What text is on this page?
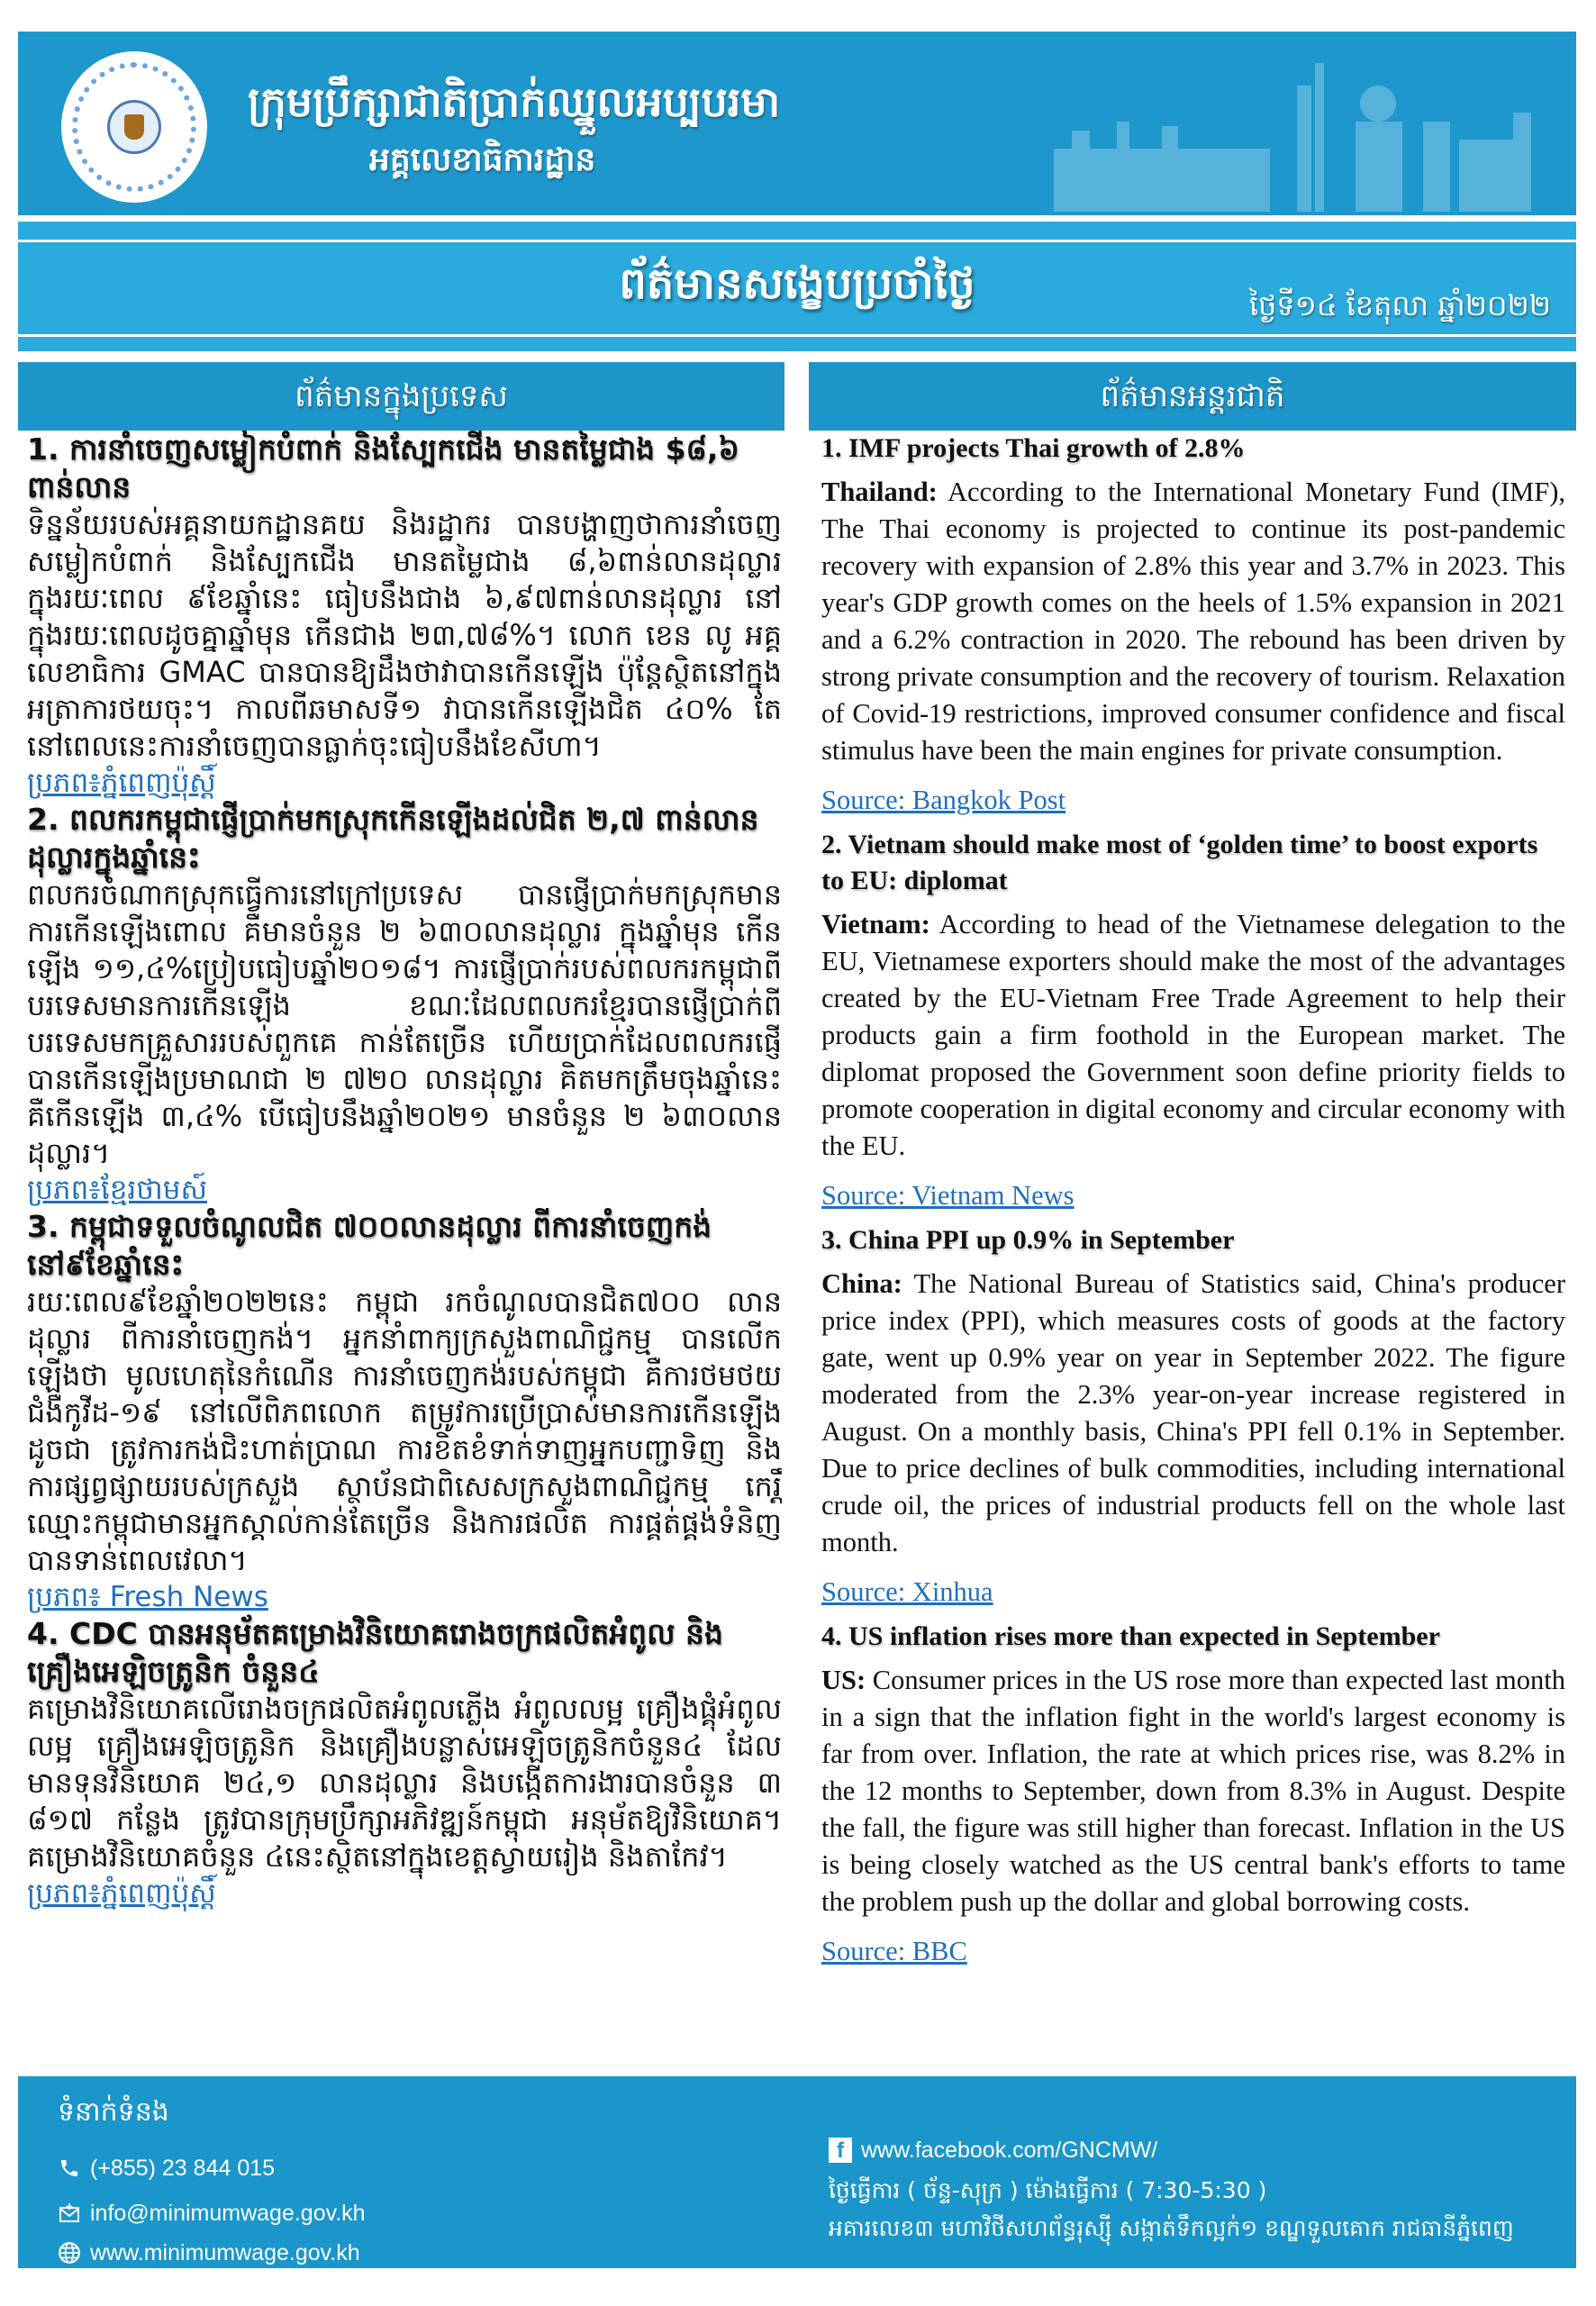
ក្រុមប្រឹក្សាជាតិប្រាក់ឈ្នួលអប្បបរមា
អគ្គលេខាធិការដ្ឋាន
ព័ត៌មានសង្ខេបប្រចាំថ្ងៃ	ថ្ងៃទី១៤ ខែតុលា ឆ្នាំ២០២២
ព័ត៌មានក្នុងប្រទេស	ព័ត៌មានអន្តរជាតិ

1. ការនាំចេញសម្លៀកបំពាក់ និងស្បែកជើង មានតម្លៃជាង $៨,៦ ពាន់លាន

ទិន្នន័យរបស់អគ្គនាយកដ្ឋានគយ និងរដ្ឋាករ បានបង្ហាញថាការនាំចេញសម្លៀកបំពាក់ និងស្បែកជើង មានតម្លៃជាង ៨,៦ពាន់លានដុល្លារ ក្នុងរយៈពេល ៩ខែឆ្នាំនេះ ធៀបនឹងជាង ៦,៩៧ពាន់លានដុល្លារ នៅក្នុងរយៈពេលដូចគ្នាឆ្នាំមុន កើនជាង ២៣,៧៨%។ លោក ខេន លូ អគ្គលេខាធិការ GMAC បានបានឱ្យដឹងថាវាបានកើនឡើង ប៉ុន្តែស្ថិតនៅក្នុងអត្រាការថយចុះ។ កាលពីឆមាសទី១ វាបានកើនឡើងជិត ៤០% តែនៅពេលនេះការនាំចេញបានធ្លាក់ចុះធៀបនឹងខែសីហា។

ប្រភព៖ភ្នំពេញប៉ុស្តិ៍

2. ពលករកម្ពុជាផ្ញើប្រាក់មកស្រុកកើនឡើងដល់ជិត ២,៧ ពាន់លានដុល្លារក្នុងឆ្នាំនេះ

ពលករចំណាកស្រុកធ្វើការនៅក្រៅប្រទេស បានផ្ញើប្រាក់មកស្រុកមានការកើនឡើងពោល គឺមានចំនួន ២ ៦៣០លានដុល្លារ ក្នុងឆ្នាំមុន កើនឡើង ១១,៤%ប្រៀបធៀបឆ្នាំ២០១៨។ ការផ្ញើប្រាក់របស់ពលករកម្ពុជាពីបរទេសមានការកើនឡើង ខណៈដែលពលករខ្មែរបានផ្ញើប្រាក់ពីបរទេសមកគ្រួសាររបស់ពួកគេ កាន់តែច្រើន ហើយប្រាក់ដែលពលករផ្ញើបានកើនឡើងប្រមាណជា ២ ៧២០ លានដុល្លារ គិតមកត្រឹមចុងឆ្នាំនេះ គឺកើនឡើង ៣,៤% បើធៀបនឹងឆ្នាំ២០២១ មានចំនួន ២ ៦៣០លានដុល្លារ។

ប្រភព៖ខ្មែរថាមស៍

3. កម្ពុជាទទួលចំណូលជិត ៧០០លានដុល្លារ ពីការនាំចេញកង់ នៅ៩ខែឆ្នាំនេះ

រយៈពេល៩ខែឆ្នាំ២០២២នេះ កម្ពុជា រកចំណូលបានជិត៧០០ លានដុល្លារ ពីការនាំចេញកង់។ អ្នកនាំពាក្យក្រសួងពាណិជ្ជកម្ម បានលើកឡើងថា មូលហេតុនៃកំណើន ការនាំចេញកង់របស់កម្ពុជា គឺការថមថយជំងឺកូវីដ-១៩ នៅលើពិភពលោក តម្រូវការប្រើប្រាស់មានការកើនឡើងដូចជា ត្រូវការកង់ជិះហាត់ប្រាណ ការខិតខំទាក់ទាញអ្នកបញ្ជាទិញ និងការផ្សព្វផ្សាយរបស់ក្រសួង ស្ថាប័នជាពិសេសក្រសួងពាណិជ្ជកម្ម កេរ្តិ៍ឈ្មោះកម្ពុជាមានអ្នកស្គាល់កាន់តែច្រើន និងការផលិត ការផ្គត់ផ្គង់ទំនិញបានទាន់ពេលវេលា។

ប្រភព៖ Fresh News

4. CDC បានអនុម័តគម្រោងវិនិយោគរោងចក្រផលិតអំពូល និងគ្រឿងអេឡិចត្រូនិក ចំនួន៤

គម្រោងវិនិយោគលើរោងចក្រផលិតអំពូលភ្លើង អំពូលលម្អ គ្រឿងផ្គុំអំពូលលម្អ គ្រឿងអេឡិចត្រូនិក និងគ្រឿងបន្លាស់អេឡិចត្រូនិកចំនួន៤ ដែលមានទុនវិនិយោគ ២៤,១ លានដុល្លារ និងបង្កើតការងារបានចំនួន ៣ ៨១៧ កន្លែង ត្រូវបានក្រុមប្រឹក្សាអភិវឌ្ឍន៍កម្ពុជា អនុម័តឱ្យវិនិយោគ។ គម្រោងវិនិយោគចំនួន ៤នេះស្ថិតនៅក្នុងខេត្តស្វាយរៀង និងតាកែវ។

ប្រភព៖ភ្នំពេញប៉ុស្តិ៍

1. IMF projects Thai growth of 2.8%

Thailand: According to the International Monetary Fund (IMF), The Thai economy is projected to continue its post-pandemic recovery with expansion of 2.8% this year and 3.7% in 2023. This year's GDP growth comes on the heels of 1.5% expansion in 2021 and a 6.2% contraction in 2020. The rebound has been driven by strong private consumption and the recovery of tourism. Relaxation of Covid-19 restrictions, improved consumer confidence and fiscal stimulus have been the main engines for private consumption.

Source: Bangkok Post

2. Vietnam should make most of ‘golden time’ to boost exports to EU: diplomat

Vietnam: According to head of the Vietnamese delegation to the EU, Vietnamese exporters should make the most of the advantages created by the EU-Vietnam Free Trade Agreement to help their products gain a firm foothold in the European market. The diplomat proposed the Government soon define priority fields to promote cooperation in digital economy and circular economy with the EU.

Source: Vietnam News

3. China PPI up 0.9% in September

China: The National Bureau of Statistics said, China's producer price index (PPI), which measures costs of goods at the factory gate, went up 0.9% year on year in September 2022. The figure moderated from the 2.3% year-on-year increase registered in August. On a monthly basis, China's PPI fell 0.1% in September. Due to price declines of bulk commodities, including international crude oil, the prices of industrial products fell on the whole last month.

Source: Xinhua

4. US inflation rises more than expected in September

US: Consumer prices in the US rose more than expected last month in a sign that the inflation fight in the world's largest economy is far from over. Inflation, the rate at which prices rise, was 8.2% in the 12 months to September, down from 8.3% in August. Despite the fall, the figure was still higher than forecast. Inflation in the US is being closely watched as the US central bank's efforts to tame the problem push up the dollar and global borrowing costs.

Source: BBC
ទំនាក់ទំនង
(+855) 23 844 015
info@minimumwage.gov.kh
www.minimumwage.gov.kh
f www.facebook.com/GNCMW/
ថ្ងៃធ្វើការ ( ច័ន្ទ-សុក្រ ) ម៉ោងធ្វើការ ( 7:30-5:30 )
អគារលេខ៣ មហាវិថីសហព័ន្ធរុស្ស៊ី សង្កាត់ទឹកល្អក់១ ខណ្ឌទួលគោក រាជធានីភ្នំពេញ
